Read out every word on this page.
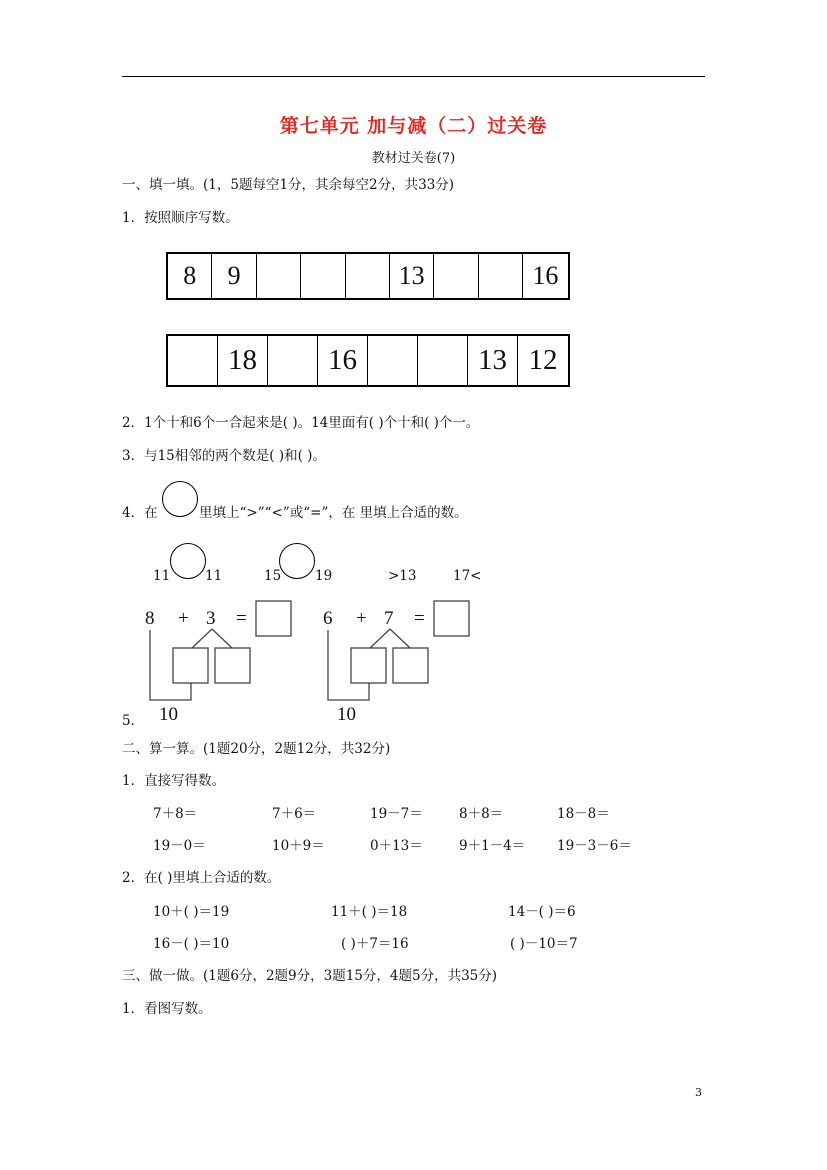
第七单元 加与减（二）过关卷
教材过关卷(7)
一、填一填。(1，5题每空1分，其余每空2分，共33分)
1．按照顺序写数。
8	9	13	16
18	16	13 12
2．1个十和6个一合起来是( )。14里面有( )个十和( )个一。
3．与15相邻的两个数是( )和( )。
4．在	里填上“>”“<”或“=”，在 里填上合适的数。
11	11	15	19	>13	17<
5．
8 + 3 =
10
6 + 7 =
10
二、算一算。(1题20分，2题12分，共32分)
1．直接写得数。
7＋8＝	7＋6＝	19－7＝	8＋8＝	18－8＝
19－0＝	10＋9＝	0＋13＝	9＋1－4＝ 19－3－6＝
2．在( )里填上合适的数。
10＋( )＝19	11＋( )＝18	14－( )＝6
16－( )＝10	( )＋7＝16	( )－10＝7
三、做一做。(1题6分，2题9分，3题15分，4题5分，共35分)
1．看图写数。
3
